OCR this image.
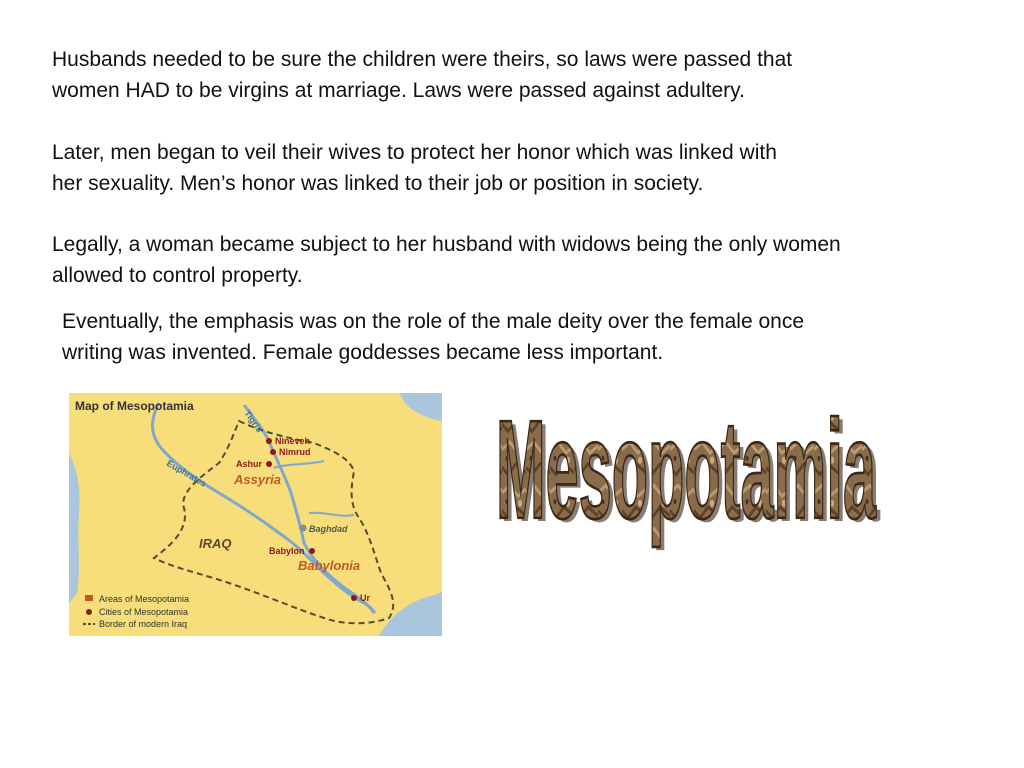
Husbands needed to be sure the children were theirs, so laws were passed that
women HAD to be virgins at marriage. Laws were passed against adultery.

Later, men began to veil their wives to protect her honor which was linked with
her sexuality. Men’s honor was linked to their job or position in society.

Legally, a woman became subject to her husband with widows being the only women
allowed to control property.

Eventually, the emphasis was on the role of the male deity over the female once
writing was invented. Female goddesses became less important.

Map of Mesopotamia
Tigris
Euphrates
Nineveh
Nimrud
Ashur
Baghdad
Babylon
Ur
Assyria
Babylonia
IRAQ
Areas of Mesopotamia
Cities of Mesopotamia
Border of modern Iraq
Mesopotamia
Mesopotamia
